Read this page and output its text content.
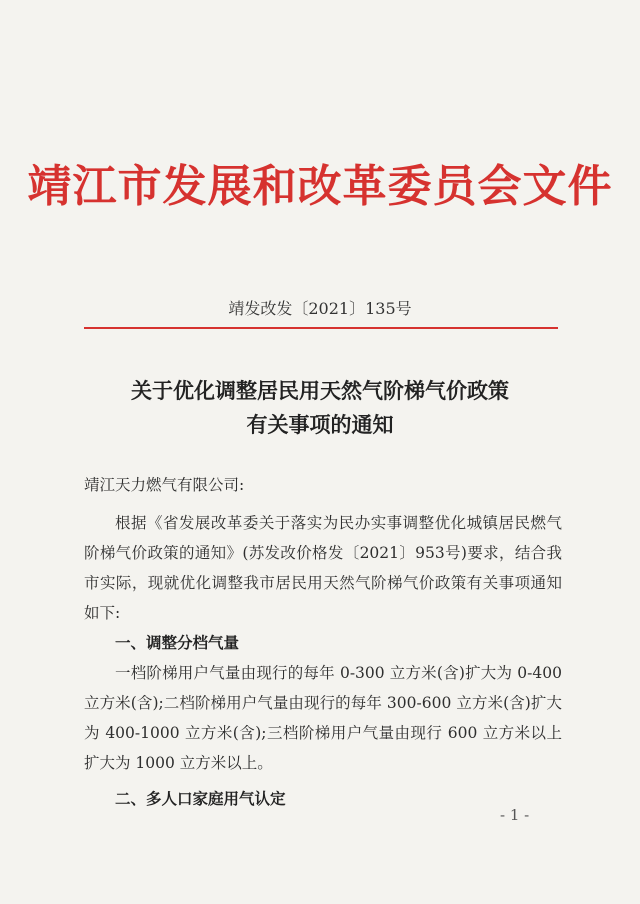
靖江市发展和改革委员会文件
靖发改发〔2021〕135号
关于优化调整居民用天然气阶梯气价政策
有关事项的通知

靖江天力燃气有限公司:

根据《省发展改革委关于落实为民办实事调整优化城镇居民燃气阶梯气价政策的通知》(苏发改价格发〔2021〕953号)要求，结合我市实际，现就优化调整我市居民用天然气阶梯气价政策有关事项通知如下:

一、调整分档气量

一档阶梯用户气量由现行的每年 0-300 立方米(含)扩大为 0-400 立方米(含);二档阶梯用户气量由现行的每年 300-600 立方米(含)扩大为 400-1000 立方米(含);三档阶梯用户气量由现行 600 立方米以上扩大为 1000 立方米以上。

二、多人口家庭用气认定

- 1 -
